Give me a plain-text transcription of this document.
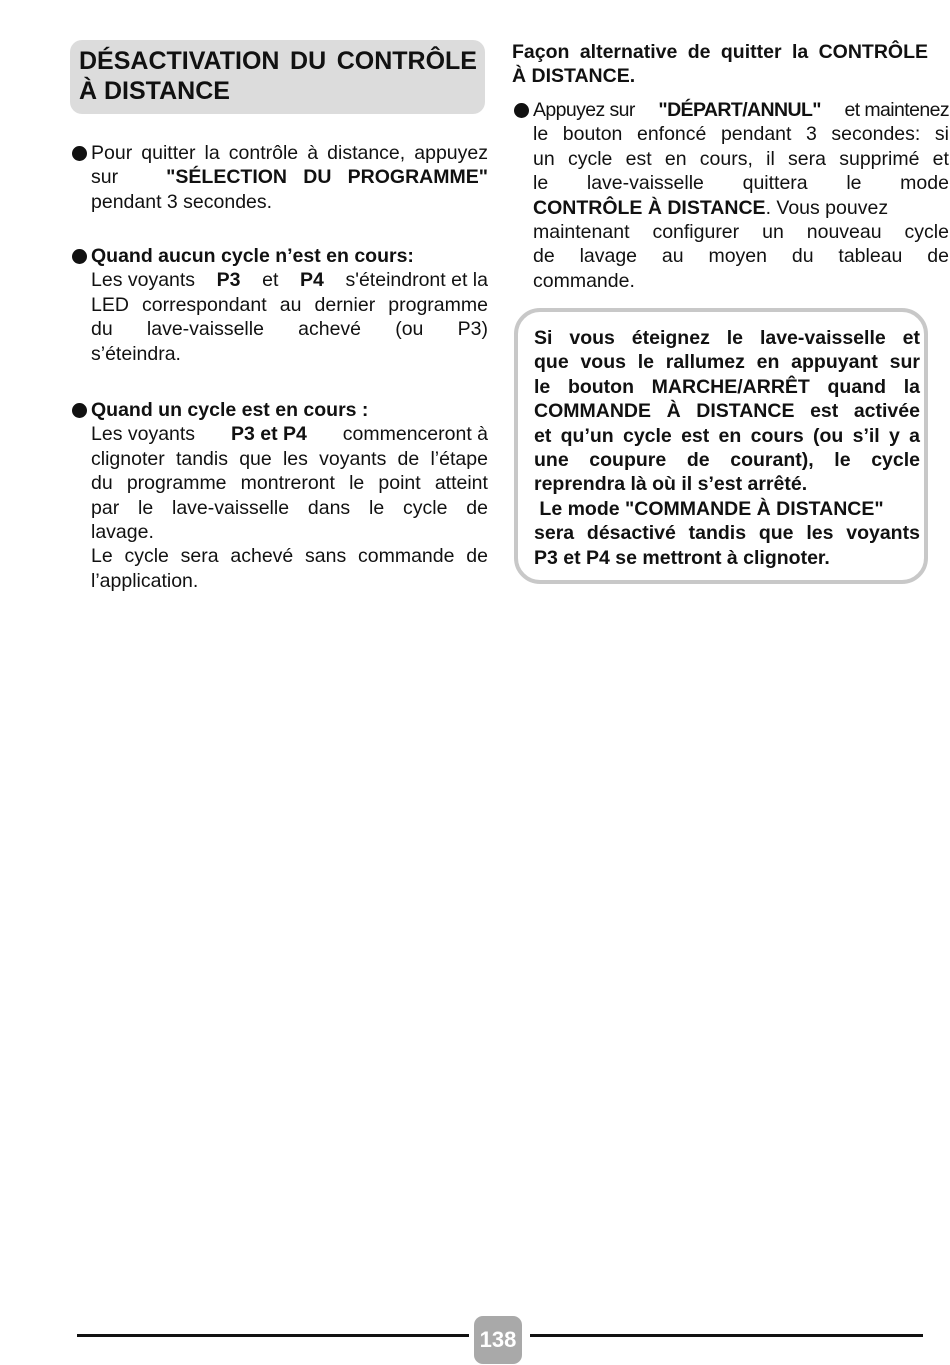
DÉSACTIVATION DU CONTRÔLE
À DISTANCE
Pour quitter la contrôle à distance, appuyez
sur "SÉLECTION   DU   PROGRAMME"
pendant 3 secondes.
Quand aucun cycle n’est en cours:
Les voyants P3 et P4 s'éteindront et la
LED correspondant au dernier programme
du lave-vaisselle achevé (ou P3)
s’éteindra.
Quand un cycle est en cours :
Les voyants P3 et P4 commenceront à
clignoter tandis que les voyants de l’étape
du programme montreront le point atteint
par le lave-vaisselle dans le cycle de
lavage.
Le cycle sera achevé sans commande de
l’application.
Façon alternative de quitter la CONTRÔLE
À DISTANCE.
Appuyez sur "DÉPART/ANNUL" et maintenez
le bouton enfoncé pendant 3 secondes: si
un cycle est en cours, il sera supprimé et
le lave-vaisselle quittera le mode
CONTRÔLE À DISTANCE. Vous pouvez
maintenant configurer un nouveau cycle
de lavage au moyen du tableau de
commande.
Si vous éteignez le lave-vaisselle et
que vous le rallumez en appuyant sur
le bouton MARCHE/ARRÊT quand la
COMMANDE À DISTANCE est activée
et qu’un cycle est en cours (ou s’il y a
une coupure de courant), le cycle
reprendra là où il s’est arrêté.
Le mode "COMMANDE À DISTANCE"
sera désactivé tandis que les voyants
P3 et P4 se mettront à clignoter.
138
